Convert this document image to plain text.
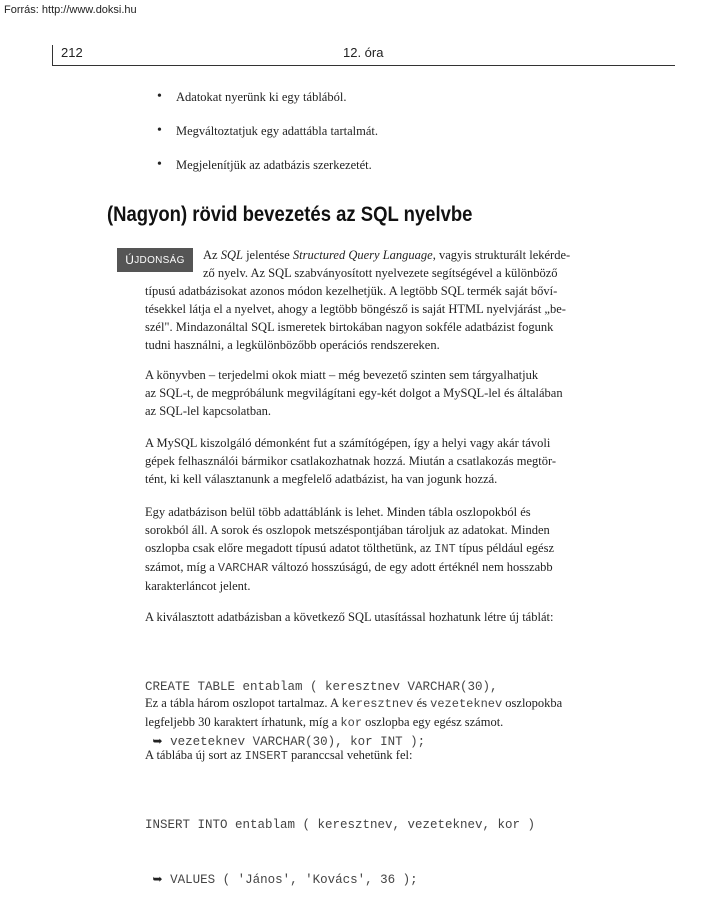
Forrás: http://www.doksi.hu
212	12. óra
• Adatokat nyerünk ki egy táblából.
• Megváltoztatjuk egy adattábla tartalmát.
• Megjelenítjük az adatbázis szerkezetét.
(Nagyon) rövid bevezetés az SQL nyelvbe
Ú JDONSÁG	Az SQL jelentése Structured Query Language, vagyis strukturált lekérde-
ző nyelv. Az SQL szabványosított nyelvezete segítségével a különböző
típusú adatbázisokat azonos módon kezelhetjük. A legtöbb SQL termék saját bőví-
tésekkel látja el a nyelvet, ahogy a legtöbb böngésző is saját HTML nyelvjárást „be-
szél". Mindazonáltal SQL ismeretek birtokában nagyon sokféle adatbázist fogunk
tudni használni, a legkülönbözőbb operációs rendszereken.
A könyvben – terjedelmi okok miatt – még bevezető szinten sem tárgyalhatjuk
az SQL-t, de megpróbálunk megvilágítani egy-két dolgot a MySQL-lel és általában
az SQL-lel kapcsolatban.
A MySQL kiszolgáló démonként fut a számítógépen, így a helyi vagy akár távoli
gépek felhasználói bármikor csatlakozhatnak hozzá. Miután a csatlakozás megtör-
tént, ki kell választanunk a megfelelő adatbázist, ha van jogunk hozzá.
Egy adatbázison belül több adattáblánk is lehet. Minden tábla oszlopokból és
sorokból áll. A sorok és oszlopok metszéspontjában tároljuk az adatokat. Minden
oszlopba csak előre megadott típusú adatot tölthetünk, az INT típus például egész
számot, míg a VARCHAR változó hosszúságú, de egy adott értéknél nem hosszabb
karakterláncot jelent.
A kiválasztott adatbázisban a következő SQL utasítással hozhatunk létre új táblát:

CREATE TABLE entablam ( keresztnev VARCHAR(30),

➥ vezeteknev VARCHAR(30), kor INT );

Ez a tábla három oszlopot tartalmaz. A keresztnev és vezeteknev oszlopokba
legfeljebb 30 karaktert írhatunk, míg a kor oszlopba egy egész számot.
A táblába új sort az INSERT paranccsal vehetünk fel:

INSERT INTO entablam ( keresztnev, vezeteknev, kor )

➥ VALUES ( 'János', 'Kovács', 36 );
